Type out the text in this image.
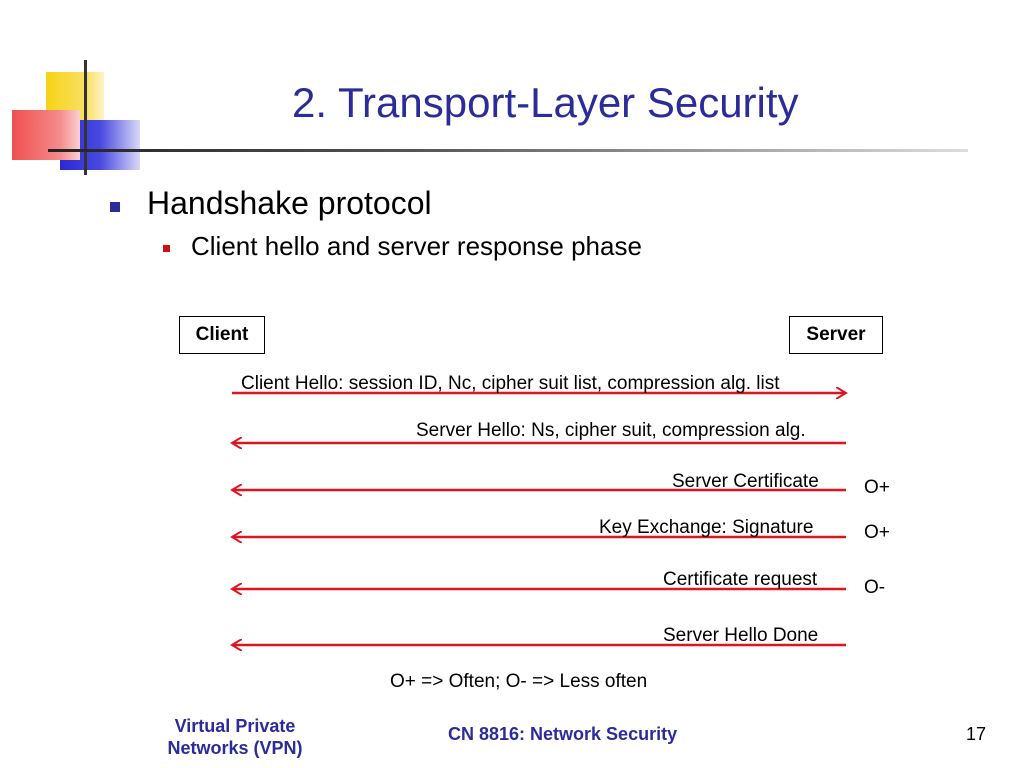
2. Transport-Layer Security
Handshake protocol
Client hello and server response phase
Client	Server
Client Hello: session ID, Nc, cipher suit list, compression alg. list
Server Hello: Ns, cipher suit, compression alg.
Server Certificate
Key Exchange: Signature
Certificate request
Server Hello Done
O+
O+
O-
O+ => Often; O- => Less often
Virtual Private Networks (VPN)
CN 8816: Network Security	17
